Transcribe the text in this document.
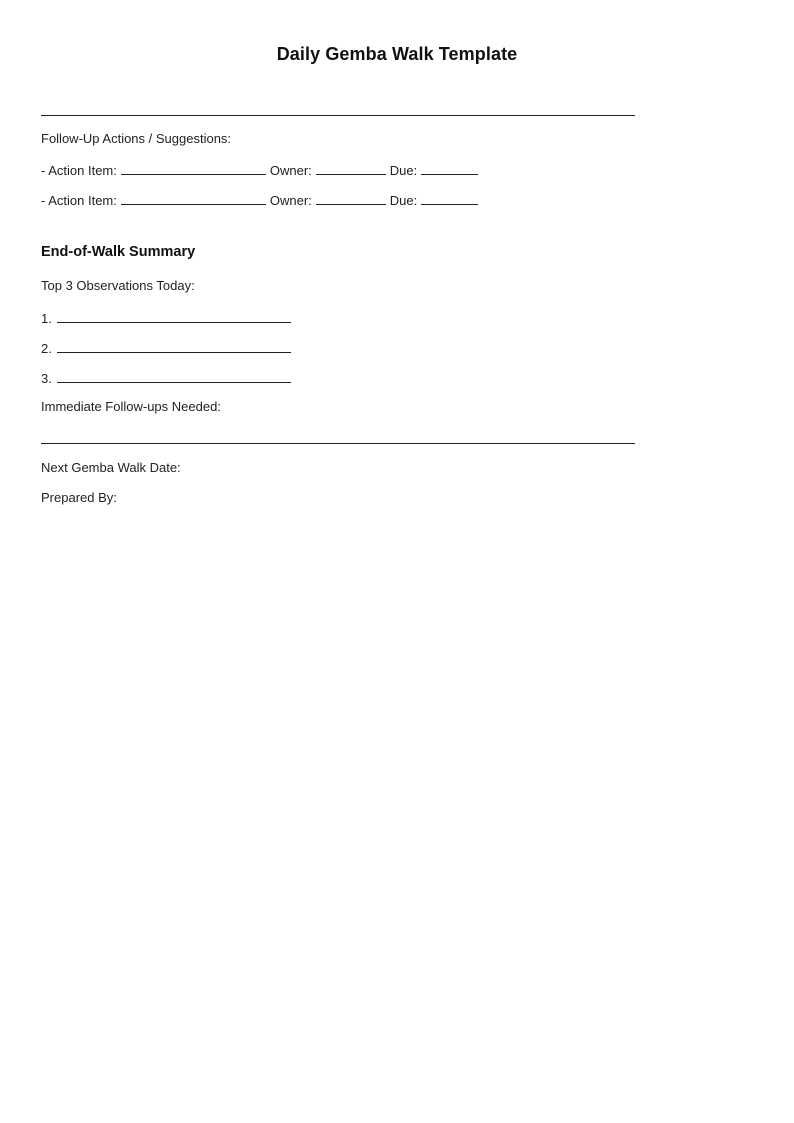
Daily Gemba Walk Template
Follow-Up Actions / Suggestions:
- Action Item:	Owner:	Due:
- Action Item:	Owner:	Due:
End-of-Walk Summary
Top 3 Observations Today:
1.
2.
3.
Immediate Follow-ups Needed:
Next Gemba Walk Date:
Prepared By:
